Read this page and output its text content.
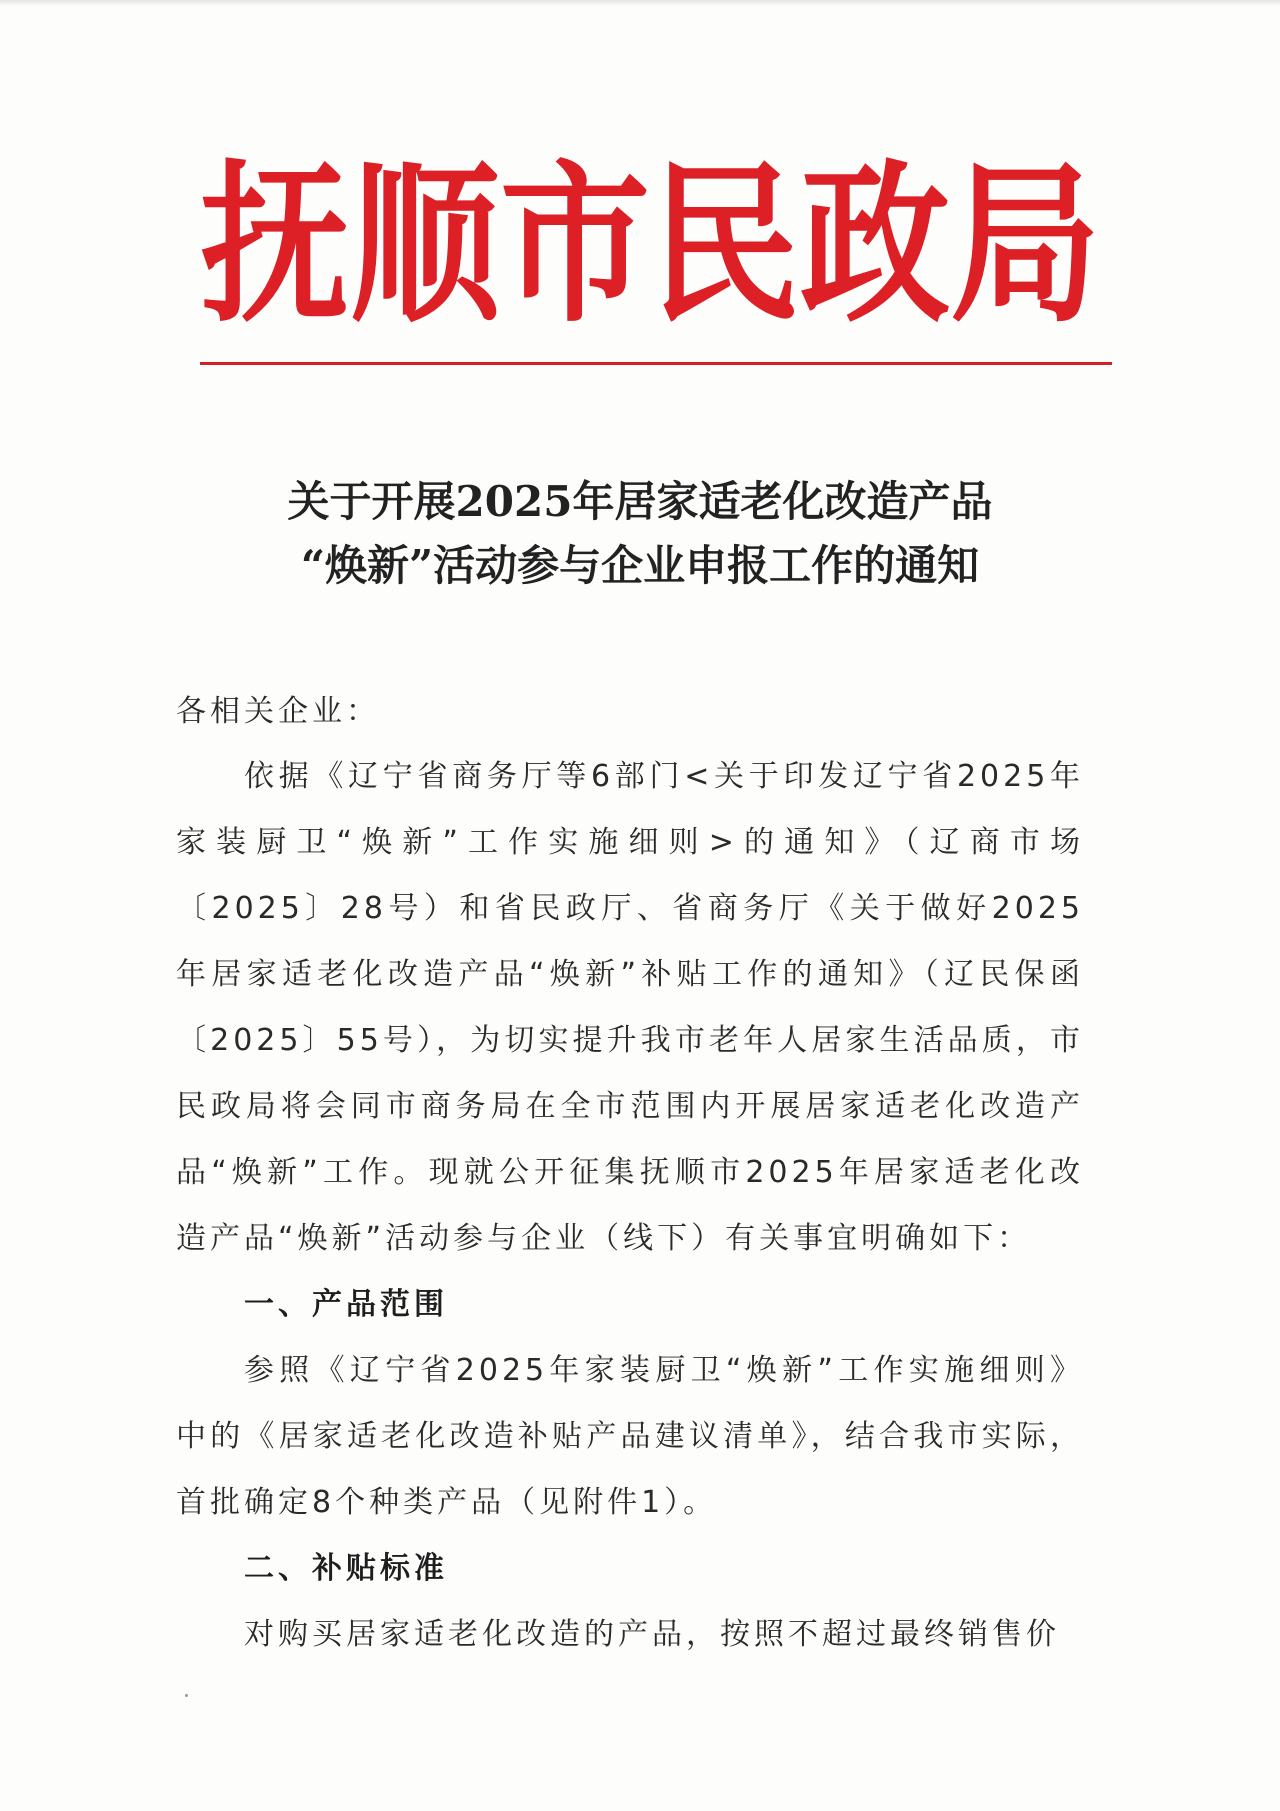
抚 顺 市 民 政 局
关于开展2025年居家适老化改造产品
“焕新”活动参与企业申报工作的通知

各相关企业：

依据《辽宁省商务厅等6部门<关于印发辽宁省2025年家装厨卫“焕新”工作实施细则>的通知》（辽商市场〔2025〕28号）和省民政厅、省商务厅《关于做好2025年居家适老化改造产品“焕新”补贴工作的通知》（辽民保函〔2025〕55号），为切实提升我市老年人居家生活品质，市民政局将会同市商务局在全市范围内开展居家适老化改造产品“焕新”工作。现就公开征集抚顺市2025年居家适老化改造产品“焕新”活动参与企业（线下）有关事宜明确如下：

一、产品范围

参照《辽宁省2025年家装厨卫“焕新”工作实施细则》中的《居家适老化改造补贴产品建议清单》，结合我市实际，首批确定8个种类产品（见附件1）。

二、补贴标准

对购买居家适老化改造的产品，按照不超过最终销售价
